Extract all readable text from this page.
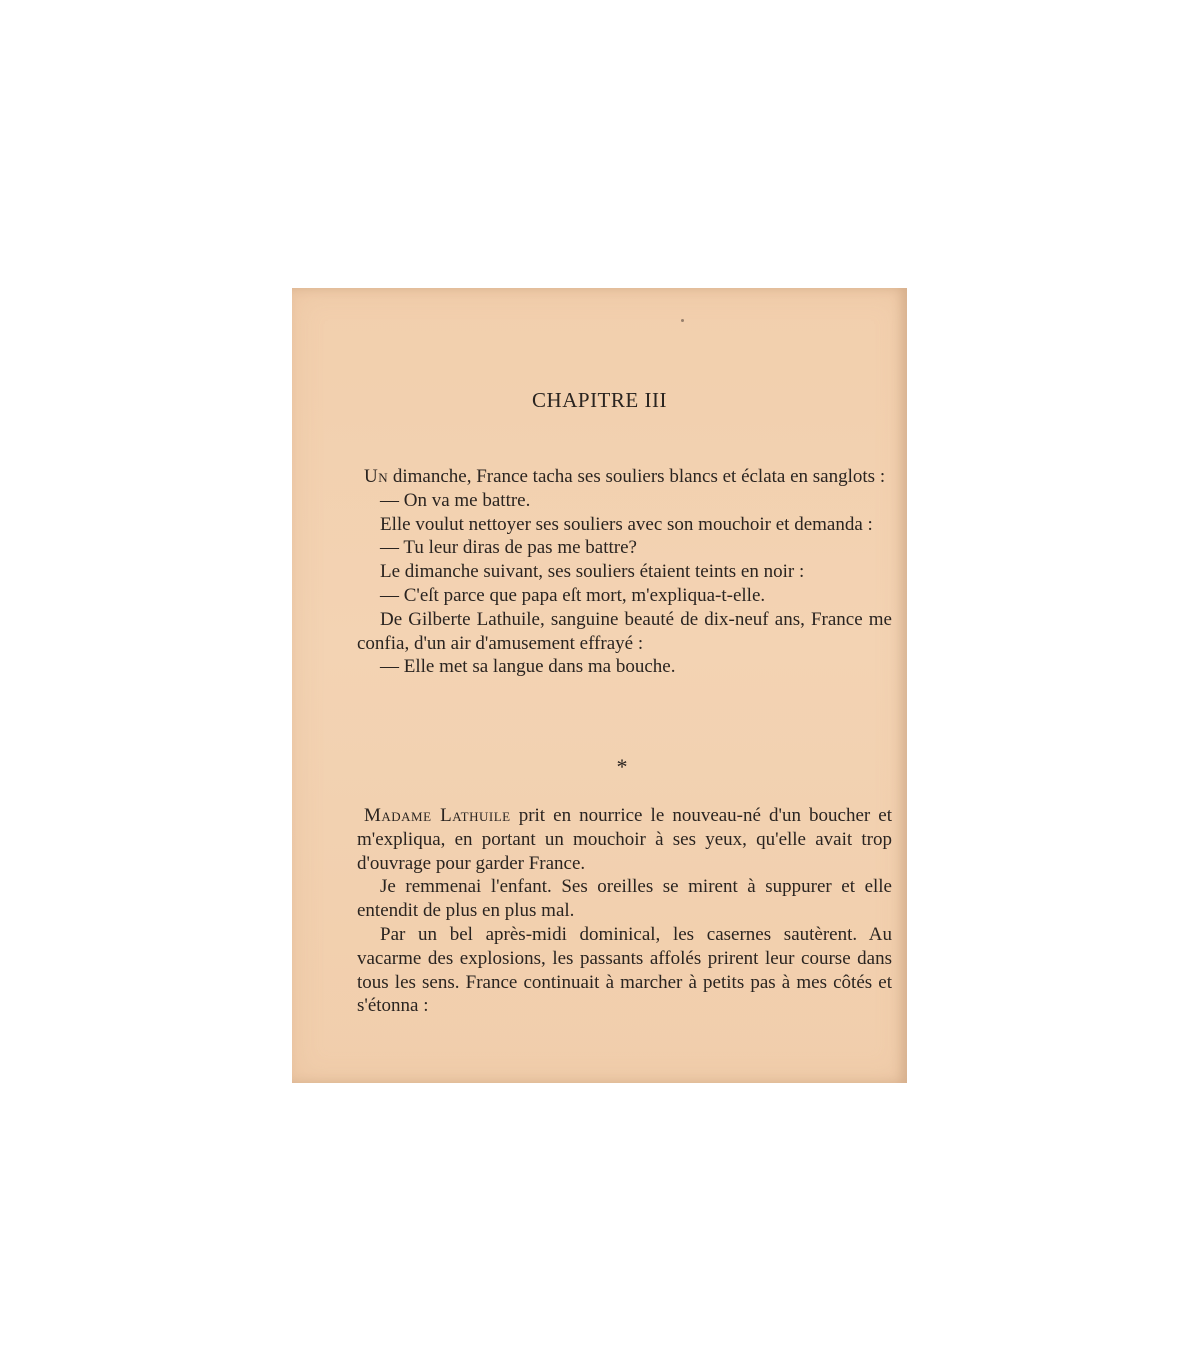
CHAPITRE III

Un dimanche, France tacha ses souliers blancs et éclata en sanglots :

— On va me battre.

Elle voulut nettoyer ses souliers avec son mouchoir et demanda :

— Tu leur diras de pas me battre?

Le dimanche suivant, ses souliers étaient teints en noir :

— C'eſt parce que papa eſt mort, m'expliqua-t-elle.

De Gilberte Lathuile, sanguine beauté de dix-neuf ans, France me confia, d'un air d'amusement effrayé :

— Elle met sa langue dans ma bouche.

*

Madame Lathuile prit en nourrice le nouveau-né d'un boucher et m'expliqua, en portant un mouchoir à ses yeux, qu'elle avait trop d'ouvrage pour garder France.

Je remmenai l'enfant. Ses oreilles se mirent à suppurer et elle entendit de plus en plus mal.

Par un bel après-midi dominical, les casernes sautèrent. Au vacarme des explosions, les passants affolés prirent leur course dans tous les sens. France continuait à marcher à petits pas à mes côtés et s'étonna :
